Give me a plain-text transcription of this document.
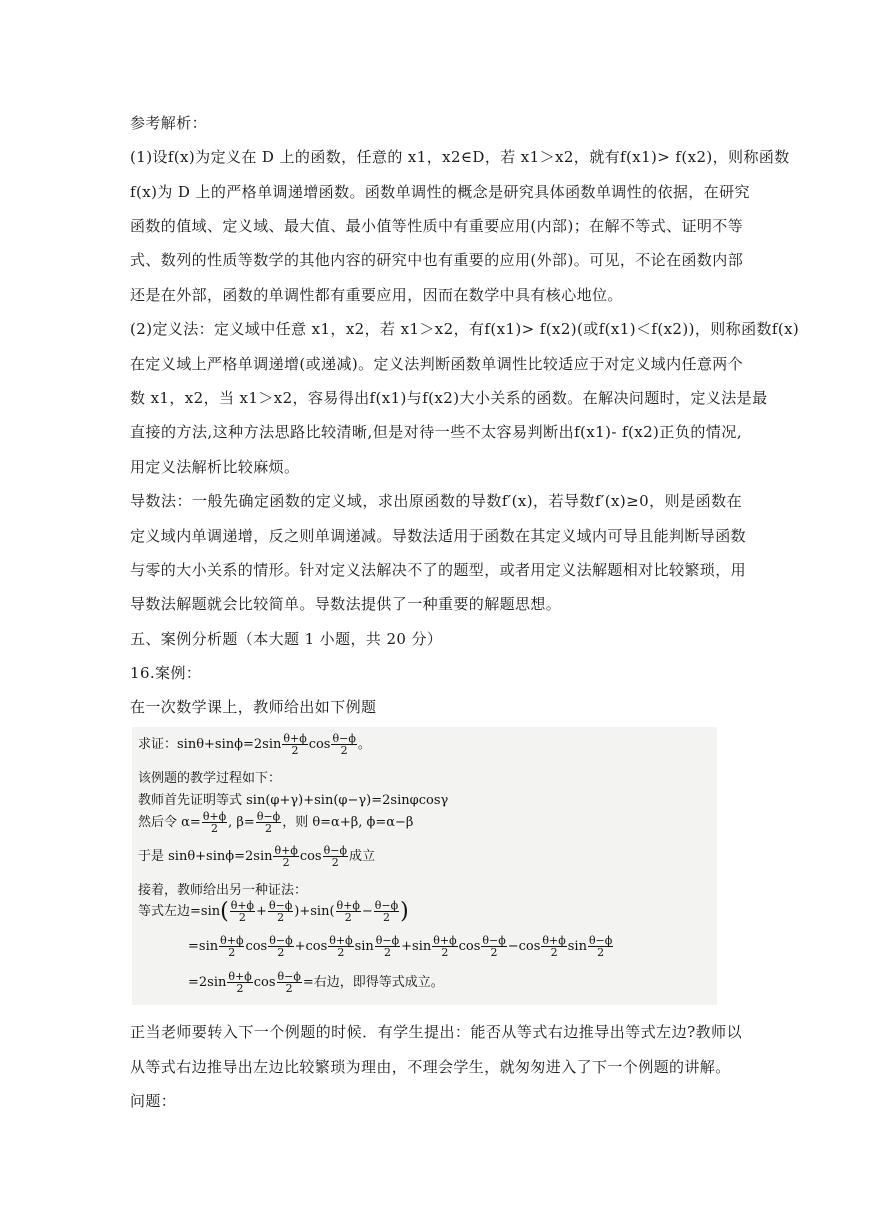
参考解析：
(1)设f(x)为定义在 D 上的函数，任意的 x1，x2∈D，若 x1＞x2，就有f(x1)> f(x2)，则称函数
f(x)为 D 上的严格单调递增函数。函数单调性的概念是研究具体函数单调性的依据，在研究
函数的值域、定义域、最大值、最小值等性质中有重要应用(内部)；在解不等式、证明不等
式、数列的性质等数学的其他内容的研究中也有重要的应用(外部)。可见，不论在函数内部
还是在外部，函数的单调性都有重要应用，因而在数学中具有核心地位。
(2)定义法：定义域中任意 x1，x2，若 x1＞x2，有f(x1)> f(x2)(或f(x1)＜f(x2))，则称函数f(x)
在定义域上严格单调递增(或递减)。定义法判断函数单调性比较适应于对定义域内任意两个
数 x1，x2，当 x1＞x2，容易得出f(x1)与f(x2)大小关系的函数。在解决问题时，定义法是最
直接的方法,这种方法思路比较清晰,但是对待一些不太容易判断出f(x1)- f(x2)正负的情况,
用定义法解析比较麻烦。
导数法：一般先确定函数的定义域，求出原函数的导数f′(x)，若导数f′(x)≥0，则是函数在
定义域内单调递增，反之则单调递减。导数法适用于函数在其定义域内可导且能判断导函数
与零的大小关系的情形。针对定义法解决不了的题型，或者用定义法解题相对比较繁琐，用
导数法解题就会比较简单。导数法提供了一种重要的解题思想。
五、案例分析题（本大题 1 小题，共 20 分）
16.案例：
在一次数学课上，教师给出如下例题
求证：$\sin\theta+\sin\phi=2\sin \frac{\theta+\phi}{2}$ $\cos \frac{\theta-\phi}{2}$ 。
该例题的教学过程如下：
教师首先证明等式 sin(φ+γ)+sin(φ−γ)=2sinφcosγ
然后令 $\alpha= \frac{\theta+\phi}{2}$ , $\beta= \frac{\theta-\phi}{2}$ ，则 θ=α+β, ϕ=α−β
于是 $\sin\theta+\sin\phi=2\sin \frac{\theta+\phi}{2}$ $\cos \frac{\theta-\phi}{2}$ 成立
接着，教师给出另一种证法：
等式左边$=\sin( \frac{\theta+\phi}{2} + \frac{\theta-\phi}{2} )+\sin( \frac{\theta+\phi}{2} - \frac{\theta-\phi}{2}$ )
$=\sin \frac{\theta+\phi}{2}$ $\cos \frac{\theta-\phi}{2} +\cos \frac{\theta+\phi}{2}$ $\sin \frac{\theta-\phi}{2} +\sin \frac{\theta+\phi}{2}$ $\cos \frac{\theta-\phi}{2} -\cos \frac{\theta+\phi}{2}$ $\sin \frac{\theta-\phi}{2}$
$=2\sin \frac{\theta+\phi}{2}$ $\cos \frac{\theta-\phi}{2}$ =右边，即得等式成立。
正当老师要转入下一个例题的时候．有学生提出：能否从等式右边推导出等式左边?教师以
从等式右边推导出左边比较繁琐为理由，不理会学生，就匆匆进入了下一个例题的讲解。
问题：
